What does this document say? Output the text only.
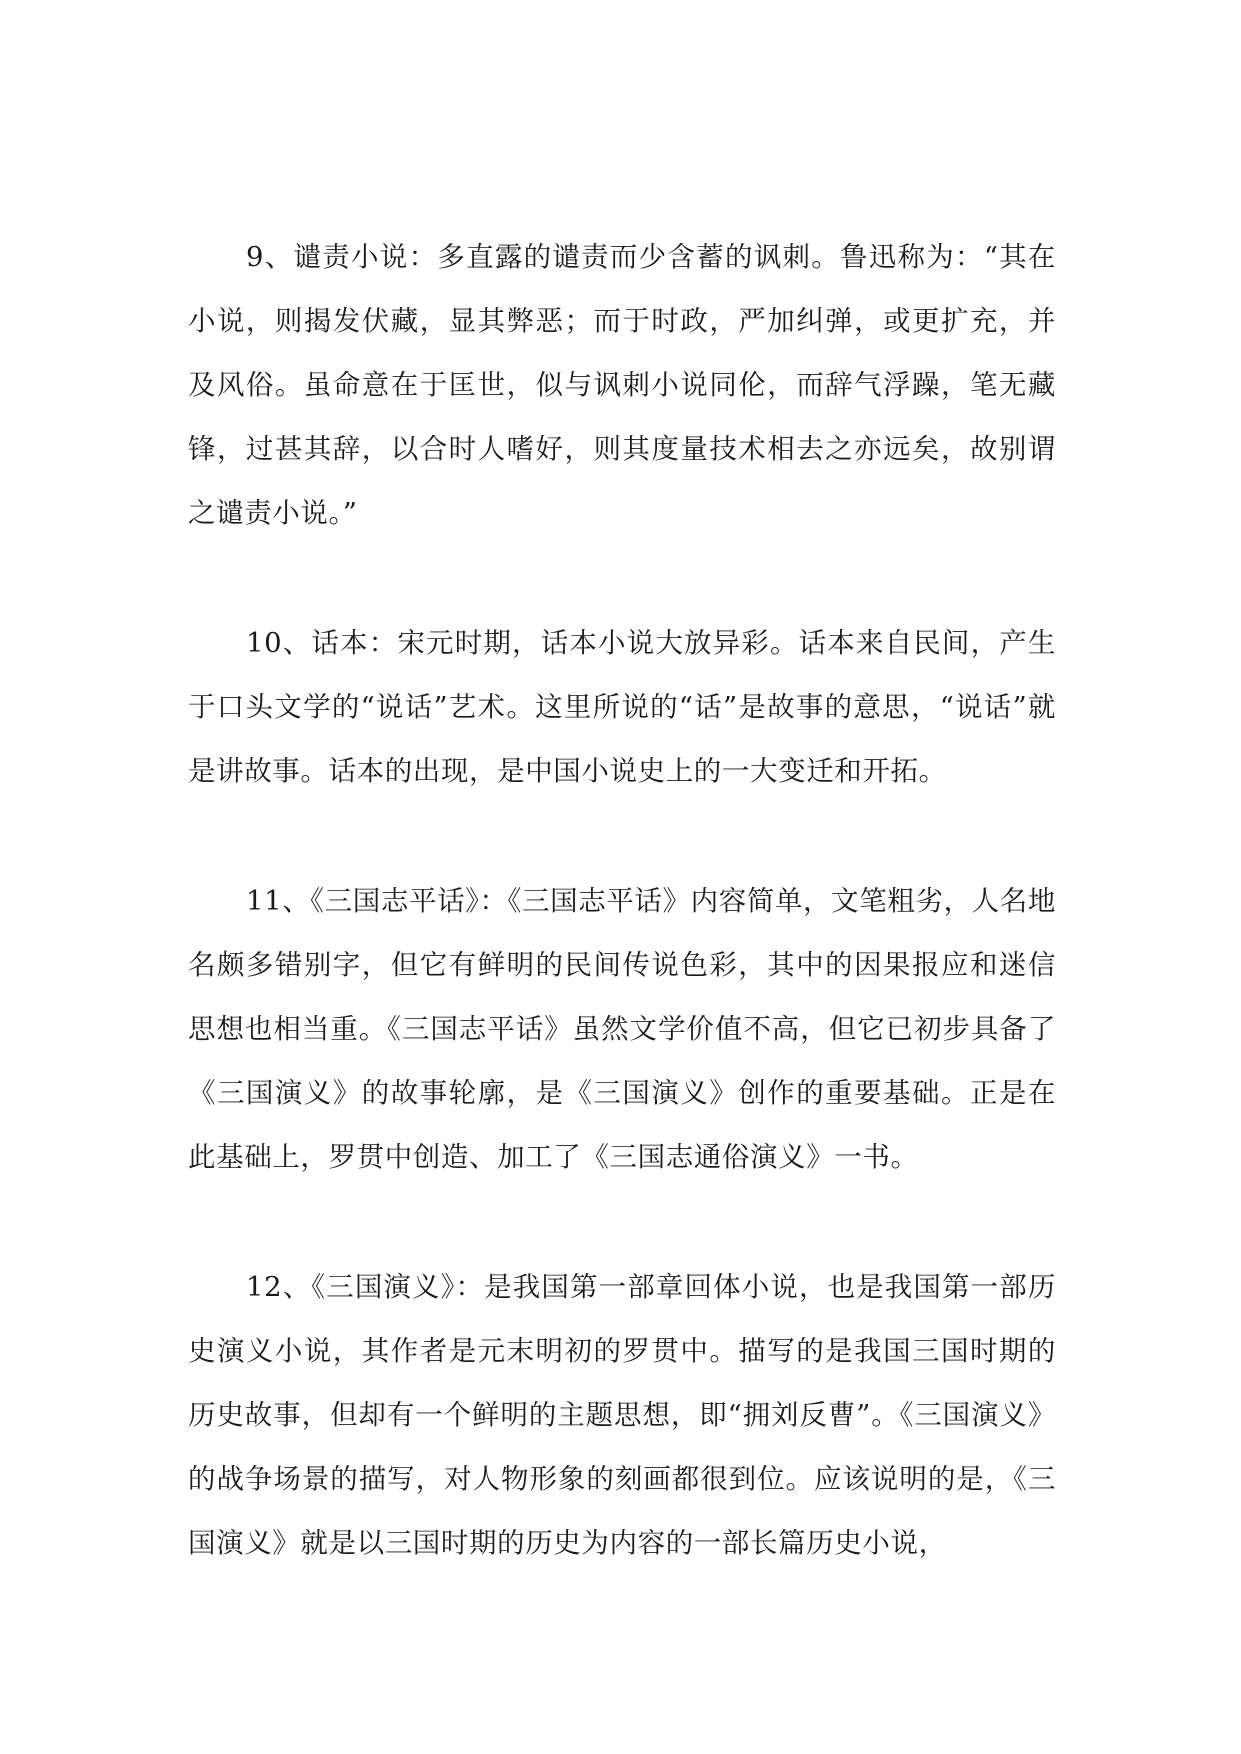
9、谴责小说：多直露的谴责而少含蓄的讽刺。鲁迅称为：“其在小说，则揭发伏藏，显其弊恶；而于时政，严加纠弹，或更扩充，并及风俗。虽命意在于匡世，似与讽刺小说同伦，而辞气浮躁，笔无藏锋，过甚其辞，以合时人嗜好，则其度量技术相去之亦远矣，故别谓之谴责小说。”

10、话本：宋元时期，话本小说大放异彩。话本来自民间，产生于口头文学的“说话”艺术。这里所说的“话”是故事的意思，“说话”就是讲故事。话本的出现，是中国小说史上的一大变迁和开拓。

11、《三国志平话》：《三国志平话》内容简单，文笔粗劣，人名地名颇多错别字，但它有鲜明的民间传说色彩，其中的因果报应和迷信思想也相当重。《三国志平话》虽然文学价值不高，但它已初步具备了《三国演义》的故事轮廓，是《三国演义》创作的重要基础。正是在此基础上，罗贯中创造、加工了《三国志通俗演义》一书。

12、《三国演义》：是我国第一部章回体小说，也是我国第一部历史演义小说，其作者是元末明初的罗贯中。描写的是我国三国时期的历史故事，但却有一个鲜明的主题思想，即“拥刘反曹”。《三国演义》的战争场景的描写，对人物形象的刻画都很到位。应该说明的是，《三国演义》就是以三国时期的历史为内容的一部长篇历史小说，
